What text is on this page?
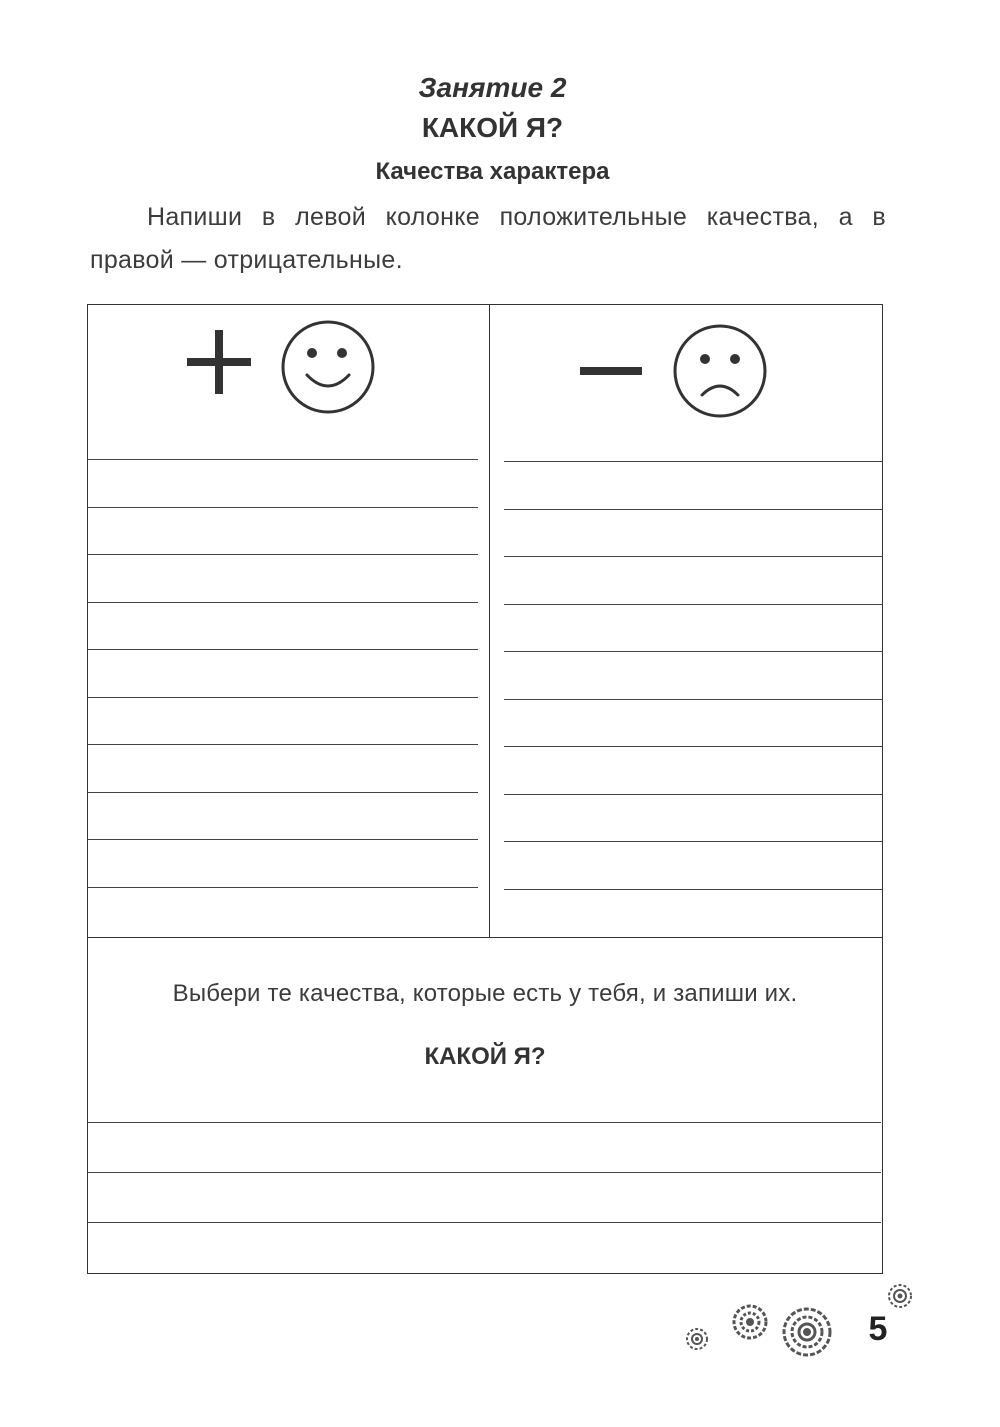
Занятие 2
КАКОЙ Я?
Качества характера
Напиши в левой колонке положительные качества, а в правой — отрицательные.
Выбери те качества, которые есть у тебя, и запиши их.
КАКОЙ Я?
5
